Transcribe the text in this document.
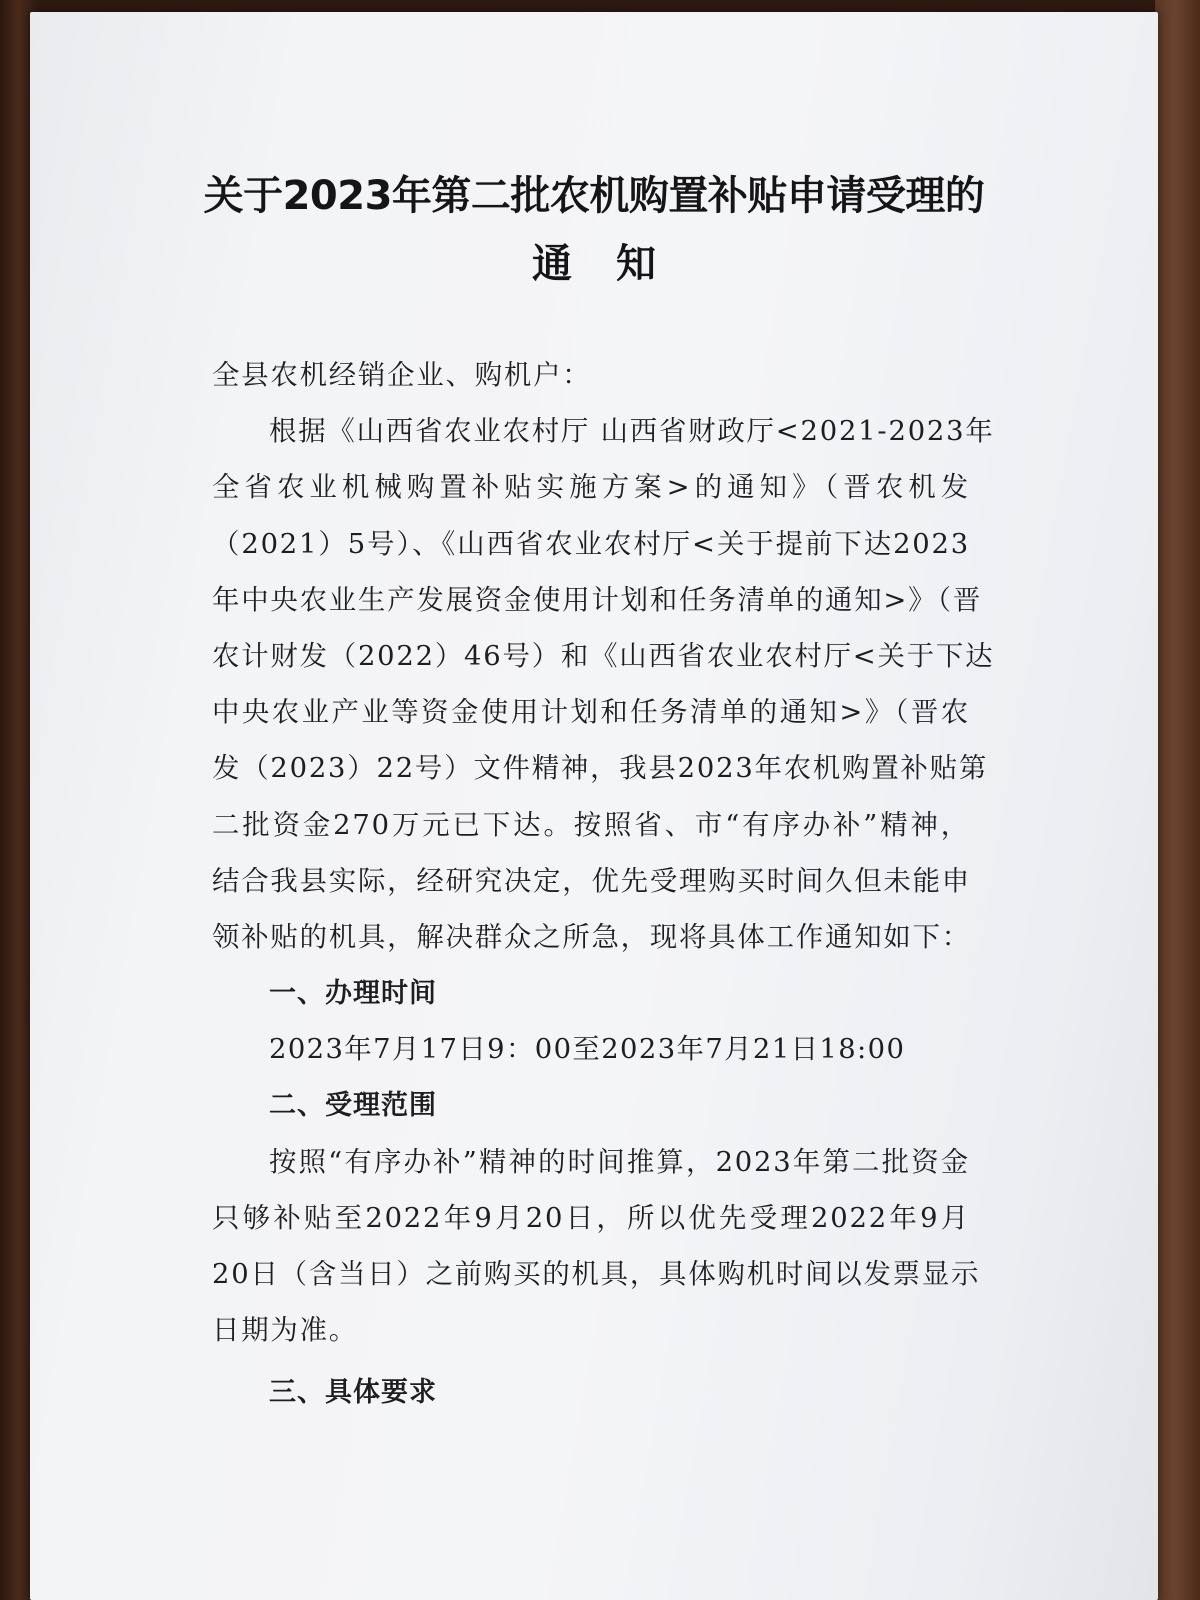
关于2023年第二批农机购置补贴申请受理的
通知
全县农机经销企业、购机户：
根据《山西省农业农村厅 山西省财政厅<2021-2023年
全省农业机械购置补贴实施方案>的通知》（晋农机发
（2021）5号）、《山西省农业农村厅<关于提前下达2023
年中央农业生产发展资金使用计划和任务清单的通知>》（晋
农计财发（2022）46号）和《山西省农业农村厅<关于下达
中央农业产业等资金使用计划和任务清单的通知>》（晋农
发（2023）22号）文件精神，我县2023年农机购置补贴第
二批资金270万元已下达。按照省、市“有序办补”精神，
结合我县实际，经研究决定，优先受理购买时间久但未能申
领补贴的机具，解决群众之所急，现将具体工作通知如下：
一、办理时间
2023年7月17日9：00至2023年7月21日18:00
二、受理范围
按照“有序办补”精神的时间推算，2023年第二批资金
只够补贴至2022年9月20日，所以优先受理2022年9月
20日（含当日）之前购买的机具，具体购机时间以发票显示
日期为准。
三、具体要求
